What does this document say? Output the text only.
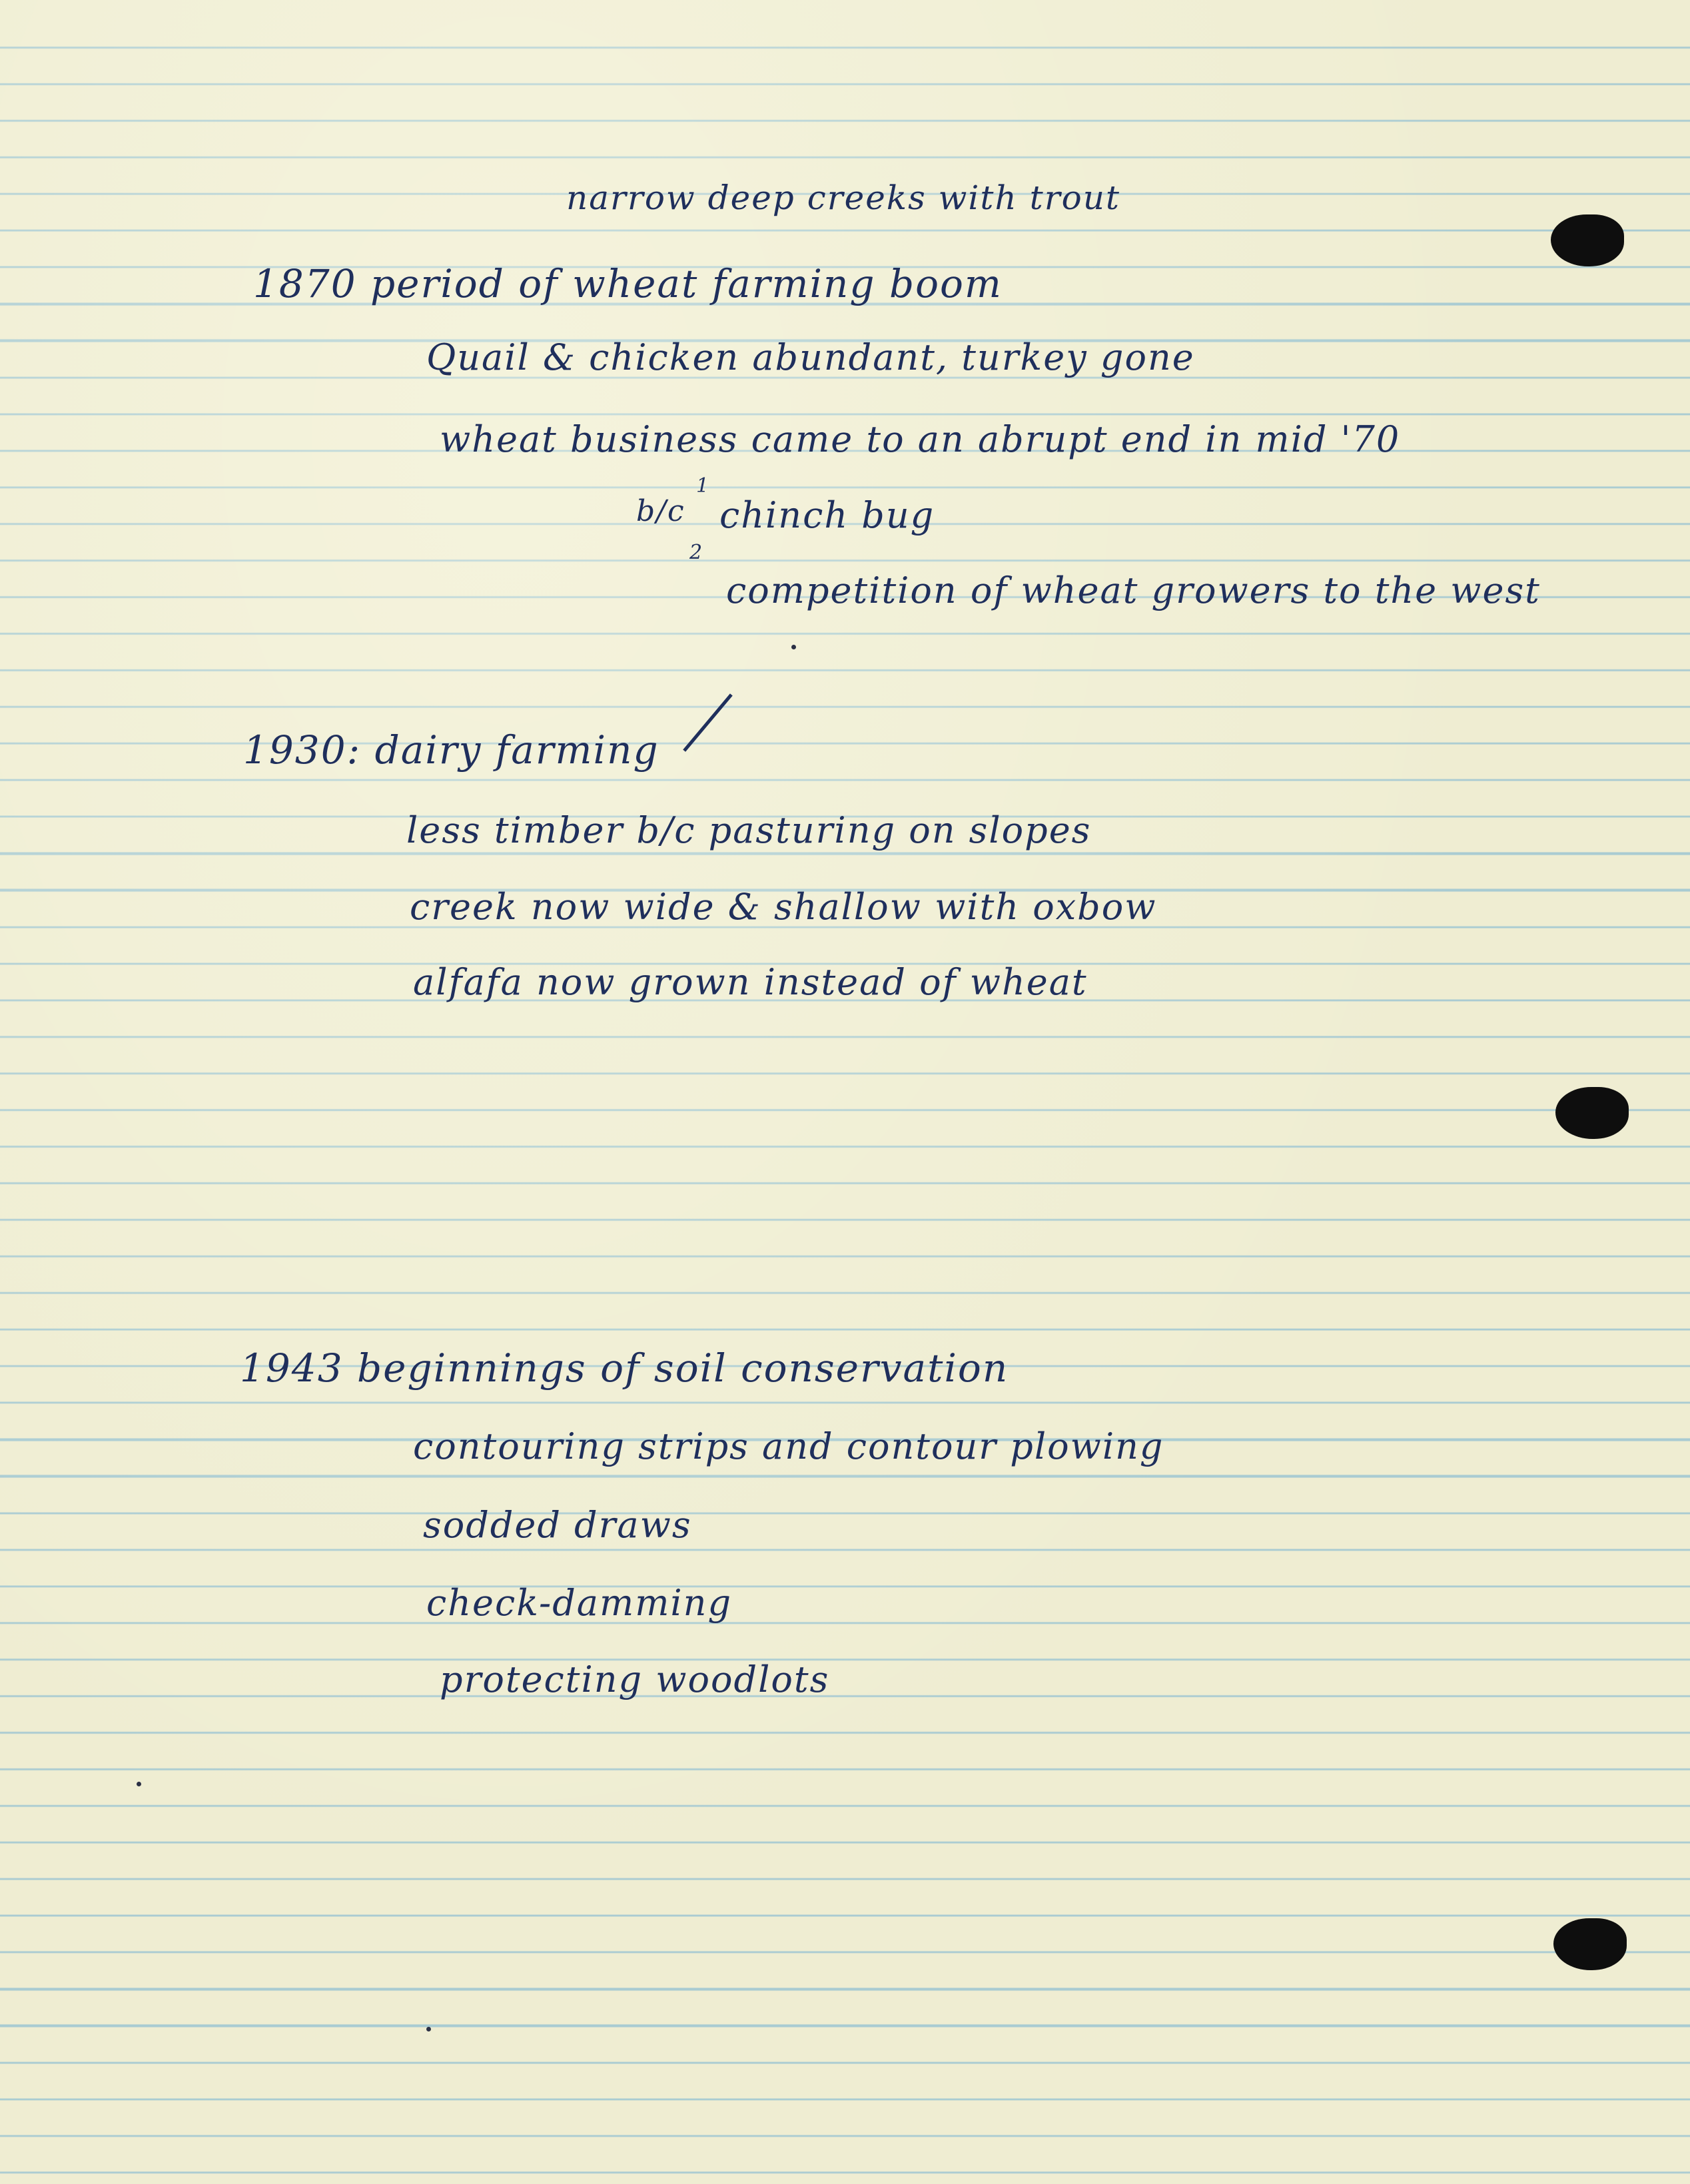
narrow deep creeks with trout
1870 period of wheat farming boom
Quail & chicken abundant, turkey gone
wheat business came to an abrupt end in mid '70
1
b/c chinch bug
2
competition of wheat growers to the west
1930: dairy farming
less timber b/c pasturing on slopes
creek now wide & shallow with oxbow
alfafa now grown instead of wheat
1943 beginnings of soil conservation
contouring strips and contour plowing
sodded draws
check-damming
protecting woodlots
